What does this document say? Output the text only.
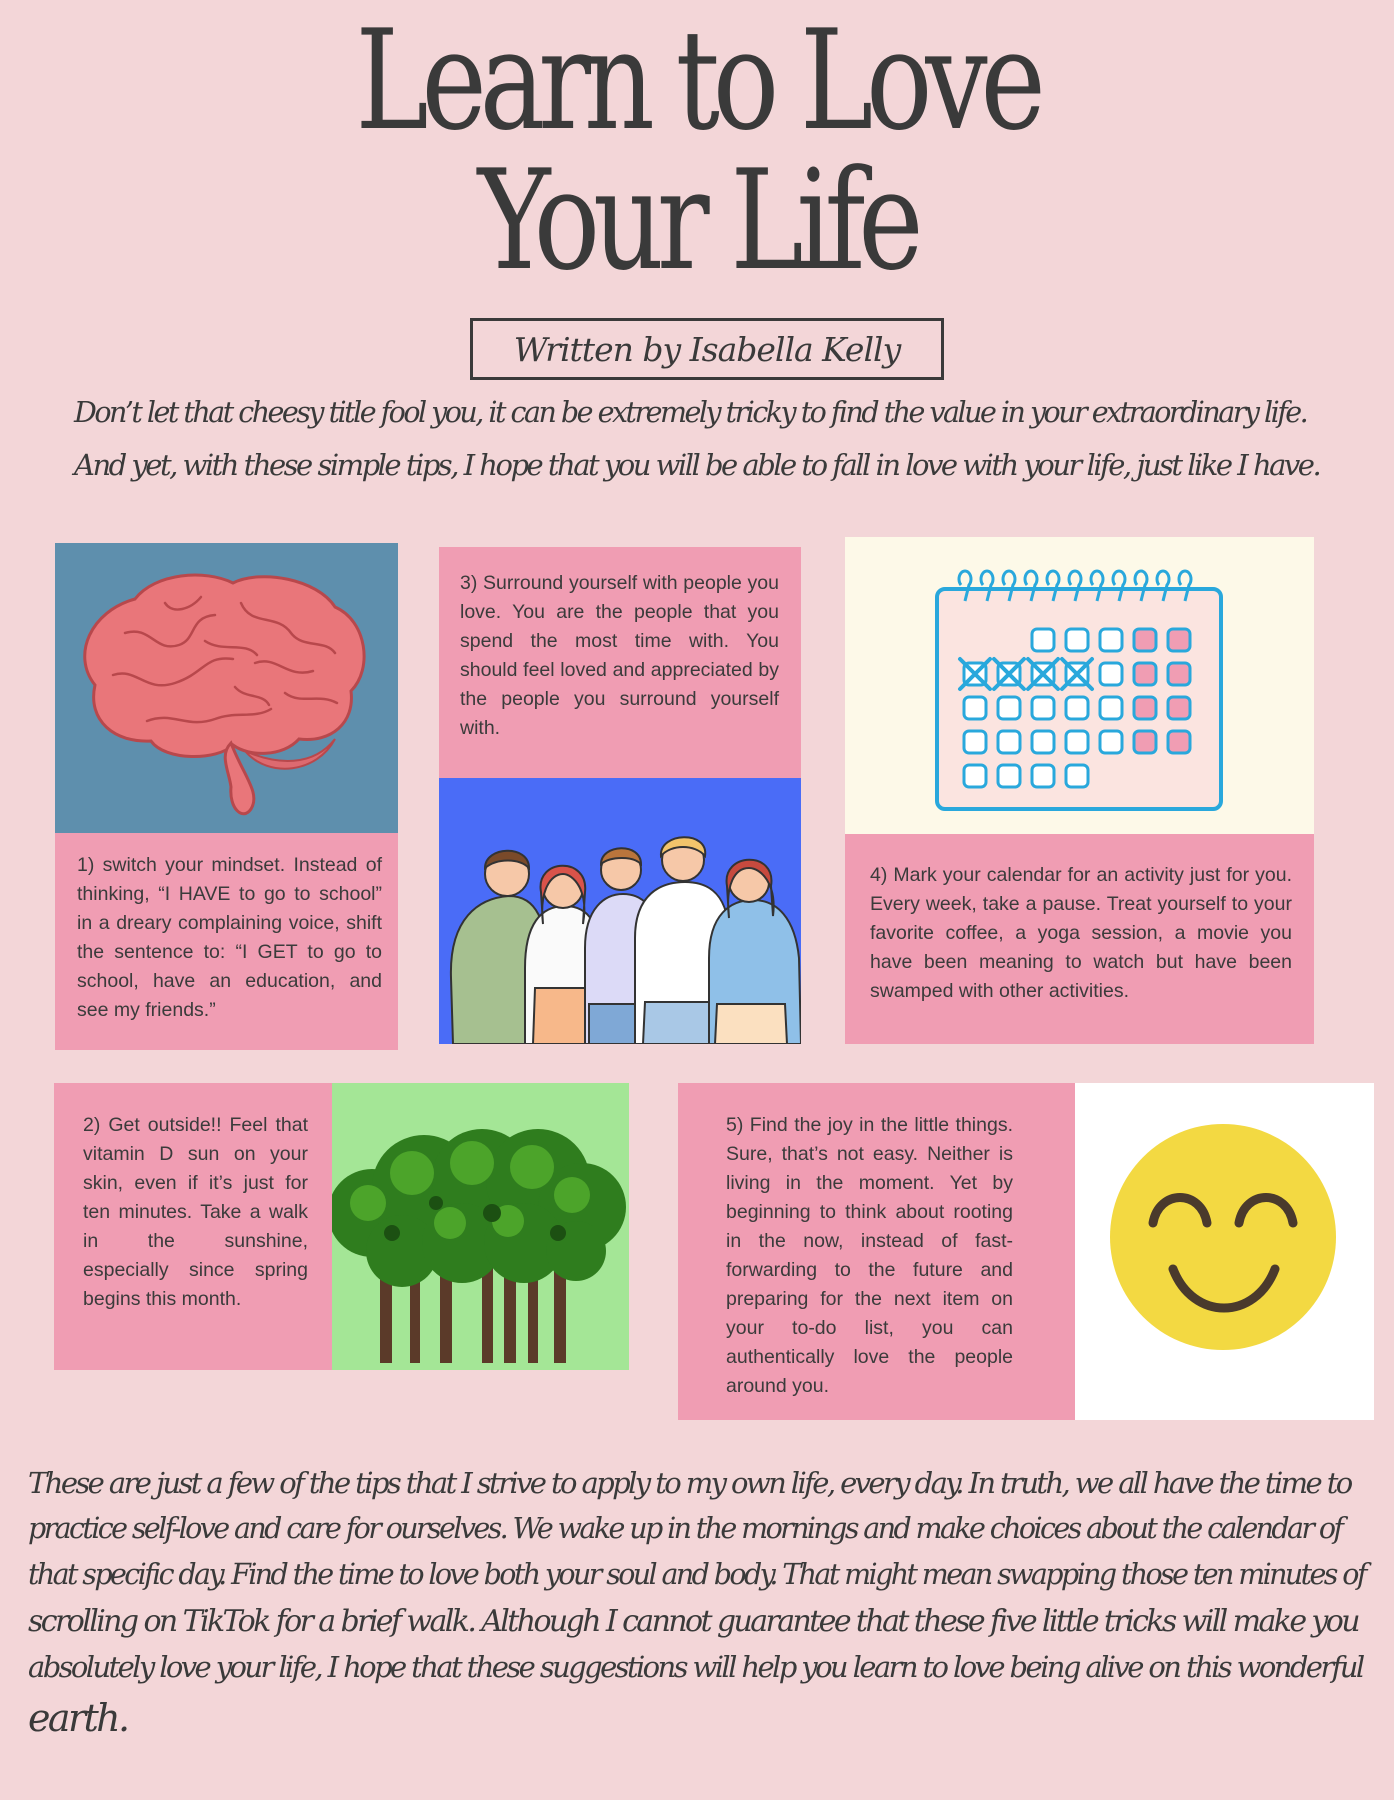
Learn to Love
Your Life
Written by Isabella Kelly

Don’t let that cheesy title fool you, it can be extremely tricky to find the value in your extraordinary life.

And yet, with these simple tips, I hope that you will be able to fall in love with your life, just like I have.

1) switch your mindset. Instead of thinking, “I HAVE to go to school” in a dreary complaining voice, shift the sentence to: “I GET to go to school, have an education, and see my friends.”

3) Surround yourself with people you love. You are the people that you spend the most time with. You should feel loved and appreciated by the people you surround yourself with.

4) Mark your calendar for an activity just for you. Every week, take a pause. Treat yourself to your favorite coffee, a yoga session, a movie you have been meaning to watch but have been swamped with other activities.

2) Get outside!! Feel that vitamin D sun on your skin, even if it’s just for ten minutes. Take a walk in the sunshine, especially since spring begins this month.

5) Find the joy in the little things. Sure, that’s not easy. Neither is living in the moment. Yet by beginning to think about rooting in the now, instead of fast-forwarding to the future and preparing for the next item on your to-do list, you can authentically love the people around you.

These are just a few of the tips that I strive to apply to my own life, every day. In truth, we all have the time to

practice self-love and care for ourselves. We wake up in the mornings and make choices about the calendar of

that specific day. Find the time to love both your soul and body. That might mean swapping those ten minutes of

scrolling on TikTok for a brief walk. Although I cannot guarantee that these five little tricks will make you

absolutely love your life, I hope that these suggestions will help you learn to love being alive on this wonderful

earth.
